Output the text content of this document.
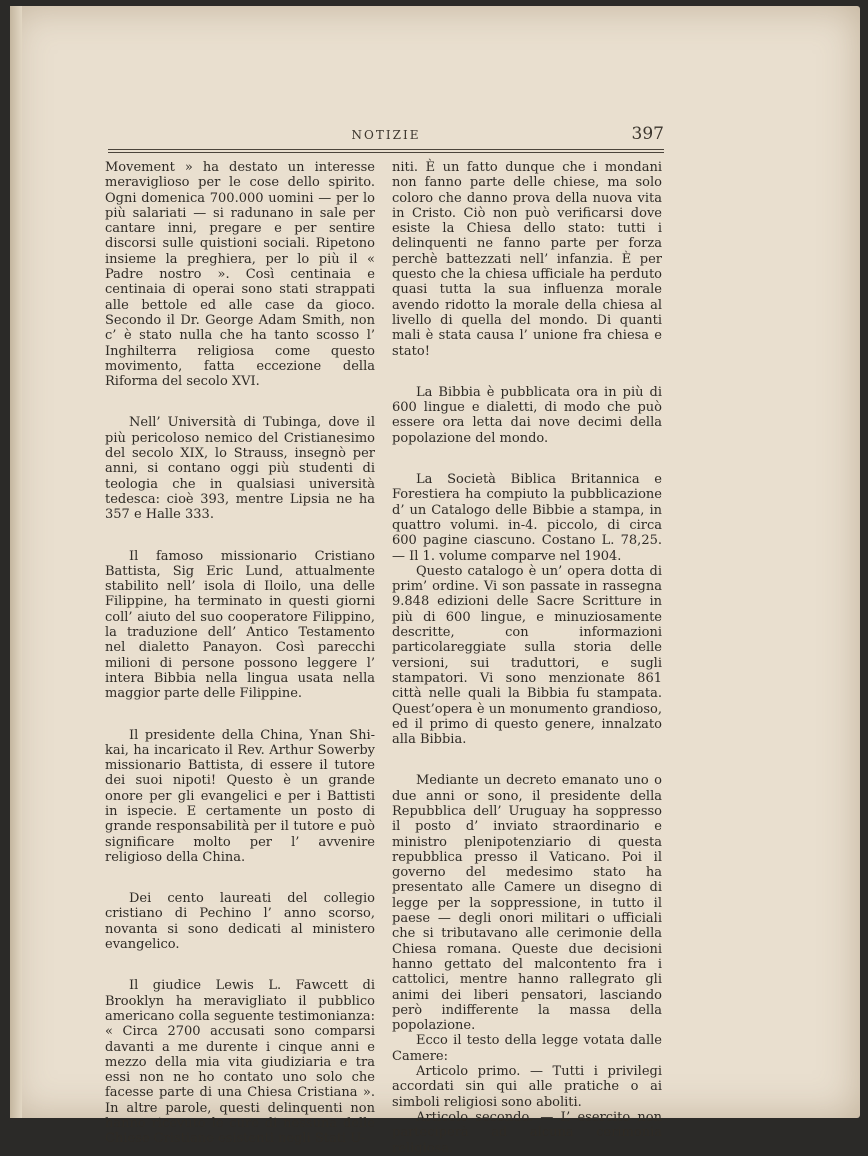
NOTIZIE	397

Movement » ha destato un interesse meraviglioso per le cose dello spirito. Ogni domenica 700.000 uomini — per lo più salariati — si radunano in sale per cantare inni, pregare e per sentire discorsi sulle quistioni sociali. Ripetono insieme la preghiera, per lo più il « Padre nostro ». Così centinaia e centinaia di operai sono stati strappati alle bettole ed alle case da gioco. Secondo il Dr. George Adam Smith, non c’ è stato nulla che ha tanto scosso l’ Inghilterra religiosa come questo movimento, fatta eccezione della Riforma del secolo XVI.

Nell’ Università di Tubinga, dove il più pericoloso nemico del Cristianesimo del secolo XIX, lo Strauss, insegnò per anni, si contano oggi più studenti di teologia che in qualsiasi università tedesca: cioè 393, mentre Lipsia ne ha 357 e Halle 333.

Il famoso missionario Cristiano Battista, Sig Eric Lund, attualmente stabilito nell’ isola di Iloilo, una delle Filippine, ha terminato in questi giorni coll’ aiuto del suo cooperatore Filippino, la traduzione dell’ Antico Testamento nel dialetto Panayon. Così parecchi milioni di persone possono leggere l’ intera Bibbia nella lingua usata nella maggior parte delle Filippine.

Il presidente della China, Ynan Shi-kai, ha incaricato il Rev. Arthur Sowerby missionario Battista, di essere il tutore dei suoi nipoti! Questo è un grande onore per gli evangelici e per i Battisti in ispecie. E certamente un posto di grande responsabilità per il tutore e può significare molto per l’ avvenire religioso della China.

Dei cento laureati del collegio cristiano di Pechino l’ anno scorso, novanta si sono dedicati al ministero evangelico.

Il giudice Lewis L. Fawcett di Brooklyn ha meravigliato il pubblico americano colla seguente testimonianza: « Circa 2700 accusati sono comparsi davanti a me durente i cinque anni e mezzo della mia vita giudiziaria e tra essi non ne ho contato uno solo che facesse parte di una Chiesa Cristiana ». In altre parole, questi delinquenti non hanno ricevuto le cure di nessuna delle Chiese Cristiane esistenti negli Stati U-

niti. È un fatto dunque che i mondani non fanno parte delle chiese, ma solo coloro che danno prova della nuova vita in Cristo. Ciò non può verificarsi dove esiste la Chiesa dello stato: tutti i delinquenti ne fanno parte per forza perchè battezzati nell’ infanzia. È per questo che la chiesa ufficiale ha perduto quasi tutta la sua influenza morale avendo ridotto la morale della chiesa al livello di quella del mondo. Di quanti mali è stata causa l’ unione fra chiesa e stato!

La Bibbia è pubblicata ora in più di 600 lingue e dialetti, di modo che può essere ora letta dai nove decimi della popolazione del mondo.

La Società Biblica Britannica e Forestiera ha compiuto la pubblicazione d’ un Catalogo delle Bibbie a stampa, in quattro volumi. in-4. piccolo, di circa 600 pagine ciascuno. Costano L. 78,25. — Il 1. volume comparve nel 1904.

Questo catalogo è un’ opera dotta di prim’ ordine. Vi son passate in rassegna 9.848 edizioni delle Sacre Scritture in più di 600 lingue, e minuziosamente descritte, con informazioni particolareggiate sulla storia delle versioni, sui traduttori, e sugli stampatori. Vi sono menzionate 861 città nelle quali la Bibbia fu stampata. Quest’opera è un monumento grandioso, ed il primo di questo genere, innalzato alla Bibbia.

Mediante un decreto emanato uno o due anni or sono, il presidente della Repubblica dell’ Uruguay ha soppresso il posto d’ inviato straordinario e ministro plenipotenziario di questa repubblica presso il Vaticano. Poi il governo del medesimo stato ha presentato alle Camere un disegno di legge per la soppressione, in tutto il paese — degli onori militari o ufficiali che si tributavano alle cerimonie della Chiesa romana. Queste due decisioni hanno gettato del malcontento fra i cattolici, mentre hanno rallegrato gli animi dei liberi pensatori, lasciando però indifferente la massa della popolazione.

Ecco il testo della legge votata dalle Camere:

Articolo primo. — Tutti i privilegi accordati sin qui alle pratiche o ai simboli religiosi sono aboliti.

Articolo secondo. — L’ esercito non parteciperà ad alcuna cerimonia religiosa.
